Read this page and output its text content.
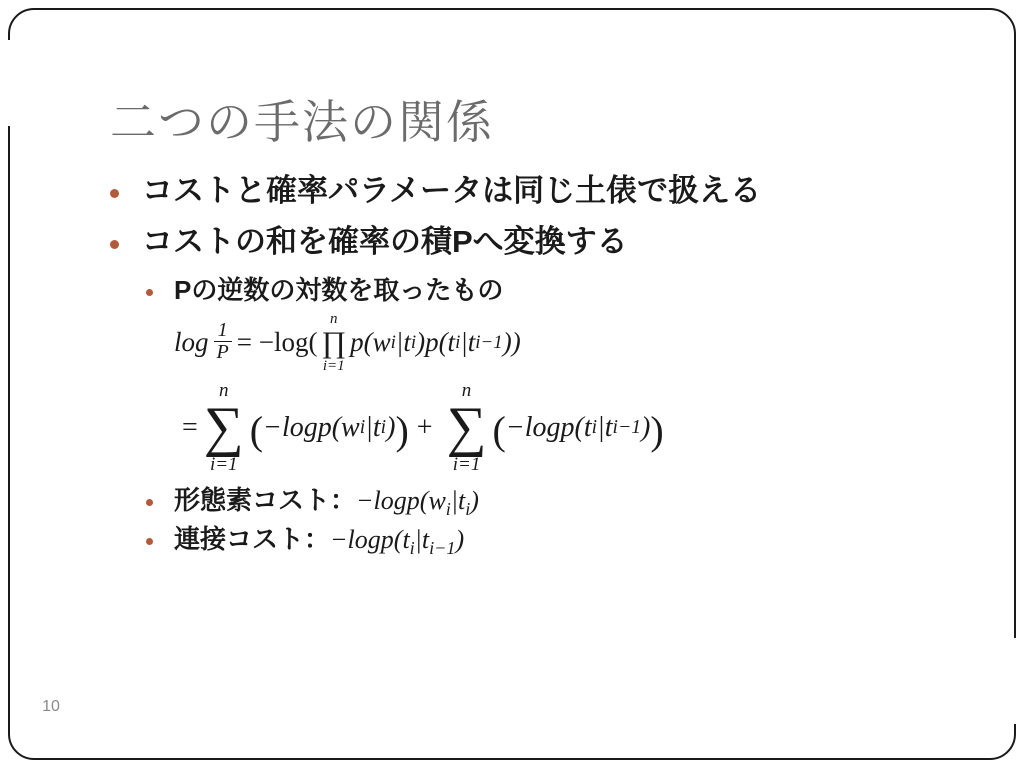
二つの手法の関係
コストと確率パラメータは同じ土俵で扱える
コストの和を確率の積Pへ変換する
Pの逆数の対数を取ったもの
$\log \frac{1}{P} = -\log$(
n
∏
i=1
p(w i |t i )p(t i |t i−1 ))
=
n
∑
i=1
( −logp(w i |t i ) ) +
n
∑
i=1
( −logp(t i |t i−1 ) )
形態素コスト：$-\log p(w_i|t_i)$
連接コスト：$-\log p(t_i|t_{i-1})$
10
